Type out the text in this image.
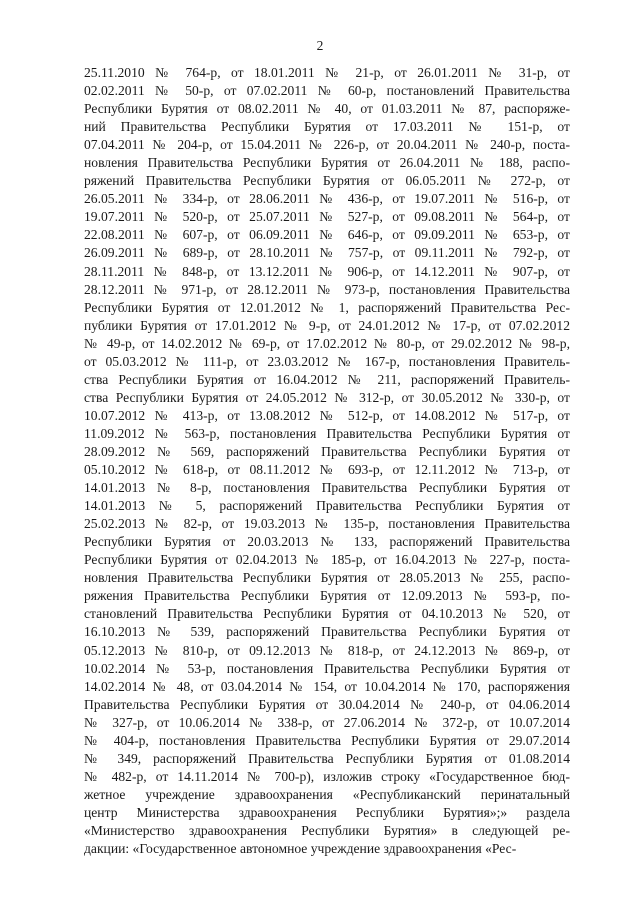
2
25.11.2010 № 764-р, от 18.01.2011 № 21-р, от 26.01.2011 № 31-р, от
02.02.2011 № 50-р, от 07.02.2011 № 60-р, постановлений Правительства
Республики Бурятия от 08.02.2011 № 40, от 01.03.2011 № 87, распоряже-
ний Правительства Республики Бурятия от 17.03.2011 № 151-р, от
07.04.2011 № 204-р, от 15.04.2011 № 226-р, от 20.04.2011 № 240-р, поста-
новления Правительства Республики Бурятия от 26.04.2011 № 188, распо-
ряжений Правительства Республики Бурятия от 06.05.2011 № 272-р, от
26.05.2011 № 334-р, от 28.06.2011 № 436-р, от 19.07.2011 № 516-р, от
19.07.2011 № 520-р, от 25.07.2011 № 527-р, от 09.08.2011 № 564-р, от
22.08.2011 № 607-р, от 06.09.2011 № 646-р, от 09.09.2011 № 653-р, от
26.09.2011 № 689-р, от 28.10.2011 № 757-р, от 09.11.2011 № 792-р, от
28.11.2011 № 848-р, от 13.12.2011 № 906-р, от 14.12.2011 № 907-р, от
28.12.2011 № 971-р, от 28.12.2011 № 973-р, постановления Правительства
Республики Бурятия от 12.01.2012 № 1, распоряжений Правительства Рес-
публики Бурятия от 17.01.2012 № 9-р, от 24.01.2012 № 17-р, от 07.02.2012
№ 49-р, от 14.02.2012 № 69-р, от 17.02.2012 № 80-р, от 29.02.2012 № 98-р,
от 05.03.2012 № 111-р, от 23.03.2012 № 167-р, постановления Правитель-
ства Республики Бурятия от 16.04.2012 № 211, распоряжений Правитель-
ства Республики Бурятия от 24.05.2012 № 312-р, от 30.05.2012 № 330-р, от
10.07.2012 № 413-р, от 13.08.2012 № 512-р, от 14.08.2012 № 517-р, от
11.09.2012 № 563-р, постановления Правительства Республики Бурятия от
28.09.2012 № 569, распоряжений Правительства Республики Бурятия от
05.10.2012 № 618-р, от 08.11.2012 № 693-р, от 12.11.2012 № 713-р, от
14.01.2013 № 8-р, постановления Правительства Республики Бурятия от
14.01.2013 № 5, распоряжений Правительства Республики Бурятия от
25.02.2013 № 82-р, от 19.03.2013 № 135-р, постановления Правительства
Республики Бурятия от 20.03.2013 № 133, распоряжений Правительства
Республики Бурятия от 02.04.2013 № 185-р, от 16.04.2013 № 227-р, поста-
новления Правительства Республики Бурятия от 28.05.2013 № 255, распо-
ряжения Правительства Республики Бурятия от 12.09.2013 № 593-р, по-
становлений Правительства Республики Бурятия от 04.10.2013 № 520, от
16.10.2013 № 539, распоряжений Правительства Республики Бурятия от
05.12.2013 № 810-р, от 09.12.2013 № 818-р, от 24.12.2013 № 869-р, от
10.02.2014 № 53-р, постановления Правительства Республики Бурятия от
14.02.2014 № 48, от 03.04.2014 № 154, от 10.04.2014 № 170, распоряжения
Правительства Республики Бурятия от 30.04.2014 № 240-р, от 04.06.2014
№ 327-р, от 10.06.2014 № 338-р, от 27.06.2014 № 372-р, от 10.07.2014
№ 404-р, постановления Правительства Республики Бурятия от 29.07.2014
№ 349, распоряжений Правительства Республики Бурятия от 01.08.2014
№ 482-р, от 14.11.2014 № 700-р), изложив строку «Государственное бюд-
жетное учреждение здравоохранения «Республиканский перинатальный
центр Министерства здравоохранения Республики Бурятия»;» раздела
«Министерство здравоохранения Республики Бурятия» в следующей ре-
дакции: «Государственное автономное учреждение здравоохранения «Рес-
